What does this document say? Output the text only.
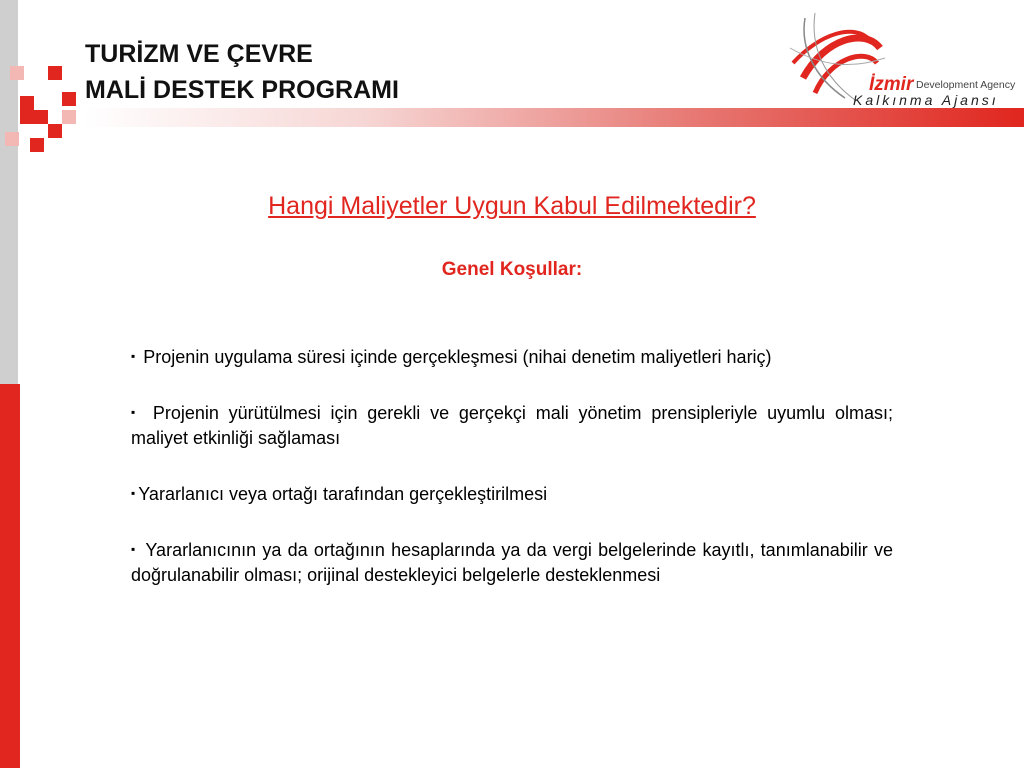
TURİZM VE ÇEVRE
MALİ DESTEK PROGRAMI	İzmir Development Agency
Kalkınma Ajansı
Hangi Maliyetler Uygun Kabul Edilmektedir?
Genel Koşullar:

▪ Projenin uygulama süresi içinde gerçekleşmesi (nihai denetim maliyetleri hariç)

▪ Projenin yürütülmesi için gerekli ve gerçekçi mali yönetim prensipleriyle uyumlu olması; maliyet etkinliği sağlaması

▪ Yararlanıcı veya ortağı tarafından gerçekleştirilmesi

▪ Yararlanıcının ya da ortağının hesaplarında ya da vergi belgelerinde kayıtlı, tanımlanabilir ve doğrulanabilir olması; orijinal destekleyici belgelerle desteklenmesi
